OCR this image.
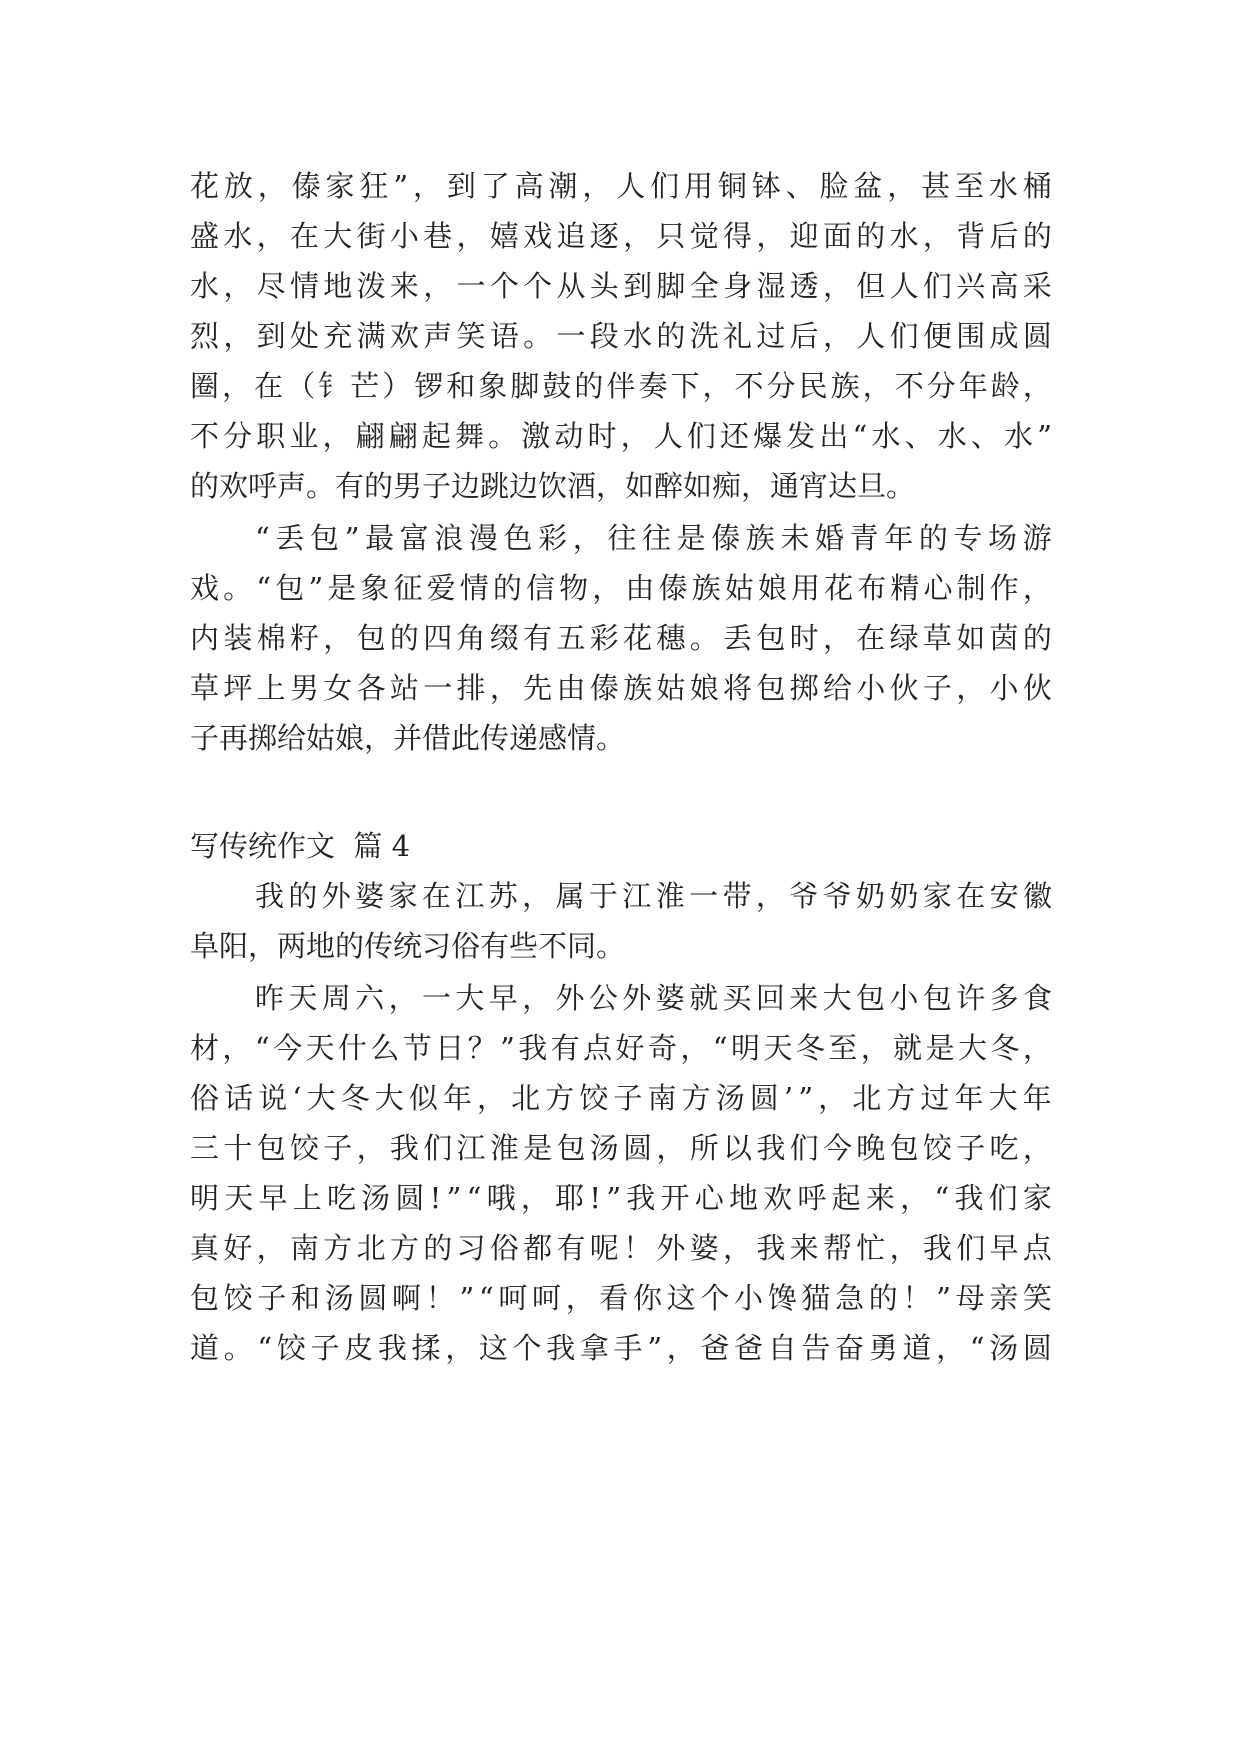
花 放 ， 傣 家 狂 ” ， 到 了 高 潮 ， 人 们 用 铜 钵 、 脸 盆 ， 甚 至 水 桶
盛 水 ， 在 大 街 小 巷 ， 嬉 戏 追 逐 ， 只 觉 得 ， 迎 面 的 水 ， 背 后 的
水 ， 尽 情 地 泼 来 ， 一 个 个 从 头 到 脚 全 身 湿 透 ， 但 人 们 兴 高 采
烈 ， 到 处 充 满 欢 声 笑 语 。 一 段 水 的 洗 礼 过 后 ， 人 们 便 围 成 圆
圈 ， 在 （ 钅 芒 ） 锣 和 象 脚 鼓 的 伴 奏 下 ， 不 分 民 族 ， 不 分 年 龄 ，
不 分 职 业 ， 翩 翩 起 舞 。 激 动 时 ， 人 们 还 爆 发 出 “ 水 、 水 、 水 ”
的欢呼声。有的男子边跳边饮酒，如醉如痴，通宵达旦。
“ 丢 包 ” 最 富 浪 漫 色 彩 ， 往 往 是 傣 族 未 婚 青 年 的 专 场 游
戏 。 “ 包 ” 是 象 征 爱 情 的 信 物 ， 由 傣 族 姑 娘 用 花 布 精 心 制 作 ，
内 装 棉 籽 ， 包 的 四 角 缀 有 五 彩 花 穗 。 丢 包 时 ， 在 绿 草 如 茵 的
草 坪 上 男 女 各 站 一 排 ， 先 由 傣 族 姑 娘 将 包 掷 给 小 伙 子 ， 小 伙
子再掷给姑娘，并借此传递感情。
写传统作文  篇 4
我 的 外 婆 家 在 江 苏 ， 属 于 江 淮 一 带 ， 爷 爷 奶 奶 家 在 安 徽
阜阳，两地的传统习俗有些不同。
昨 天 周 六 ， 一 大 早 ， 外 公 外 婆 就 买 回 来 大 包 小 包 许 多 食
材 ， “ 今 天 什 么 节 日 ？ ” 我 有 点 好 奇 ， “ 明 天 冬 至 ， 就 是 大 冬 ，
俗 话 说 ‘ 大 冬 大 似 年 ， 北 方 饺 子 南 方 汤 圆 ’ ” ， 北 方 过 年 大 年
三 十 包 饺 子 ， 我 们 江 淮 是 包 汤 圆 ， 所 以 我 们 今 晚 包 饺 子 吃 ，
明 天 早 上 吃 汤 圆 ! ” “ 哦 ， 耶 ! ” 我 开 心 地 欢 呼 起 来 ， “ 我 们 家
真 好 ， 南 方 北 方 的 习 俗 都 有 呢 ！ 外 婆 ， 我 来 帮 忙 ， 我 们 早 点
包 饺 子 和 汤 圆 啊 ！ ” “ 呵 呵 ， 看 你 这 个 小 馋 猫 急 的 ！ ” 母 亲 笑
道 。 “ 饺 子 皮 我 揉 ， 这 个 我 拿 手 ” ， 爸 爸 自 告 奋 勇 道 ， “ 汤 圆
